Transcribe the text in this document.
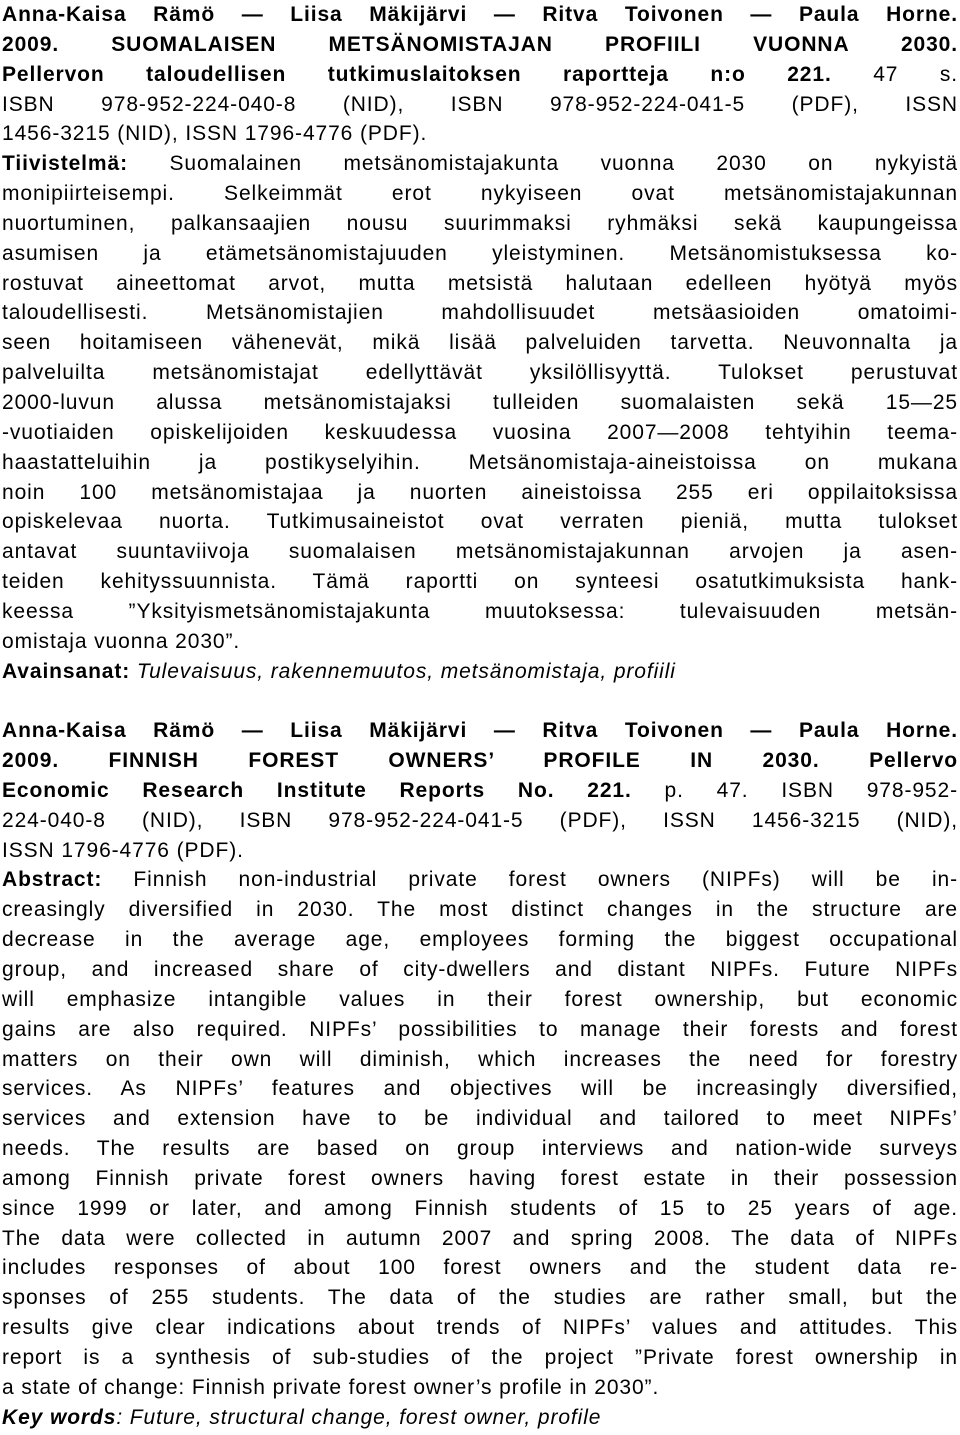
Anna-Kaisa Rämö — Liisa Mäkijärvi — Ritva Toivonen — Paula Horne.
2009. SUOMALAISEN METSÄNOMISTAJAN PROFIILI VUONNA 2030.
Pellervon taloudellisen tutkimuslaitoksen raportteja n:o 221. 47 s.
ISBN 978-952-224-040-8 (NID), ISBN 978-952-224-041-5 (PDF), ISSN
1456-3215 (NID), ISSN 1796-4776 (PDF).
Tiivistelmä: Suomalainen metsänomistajakunta vuonna 2030 on nykyistä
monipiirteisempi. Selkeimmät erot nykyiseen ovat metsänomistajakunnan
nuortuminen, palkansaajien nousu suurimmaksi ryhmäksi sekä kaupungeissa
asumisen ja etämetsänomistajuuden yleistyminen. Metsänomistuksessa ko-
rostuvat aineettomat arvot, mutta metsistä halutaan edelleen hyötyä myös
taloudellisesti. Metsänomistajien mahdollisuudet metsäasioiden omatoimi-
seen hoitamiseen vähenevät, mikä lisää palveluiden tarvetta. Neuvonnalta ja
palveluilta metsänomistajat edellyttävät yksilöllisyyttä. Tulokset perustuvat
2000-luvun alussa metsänomistajaksi tulleiden suomalaisten sekä 15—25
-vuotiaiden opiskelijoiden keskuudessa vuosina 2007—2008 tehtyihin teema-
haastatteluihin ja postikyselyihin. Metsänomistaja-aineistoissa on mukana
noin 100 metsänomistajaa ja nuorten aineistoissa 255 eri oppilaitoksissa
opiskelevaa nuorta. Tutkimusaineistot ovat verraten pieniä, mutta tulokset
antavat suuntaviivoja suomalaisen metsänomistajakunnan arvojen ja asen-
teiden kehityssuunnista. Tämä raportti on synteesi osatutkimuksista hank-
keessa ”Yksityismetsänomistajakunta muutoksessa: tulevaisuuden metsän-
omistaja vuonna 2030”.
Avainsanat: Tulevaisuus, rakennemuutos, metsänomistaja, profiili
Anna-Kaisa Rämö — Liisa Mäkijärvi — Ritva Toivonen — Paula Horne.
2009. FINNISH FOREST OWNERS’ PROFILE IN 2030. Pellervo
Economic Research Institute Reports No. 221. p. 47. ISBN 978-952-
224-040-8 (NID), ISBN 978-952-224-041-5 (PDF), ISSN 1456-3215 (NID),
ISSN 1796-4776 (PDF).
Abstract: Finnish non-industrial private forest owners (NIPFs) will be in-
creasingly diversified in 2030. The most distinct changes in the structure are
decrease in the average age, employees forming the biggest occupational
group, and increased share of city-dwellers and distant NIPFs. Future NIPFs
will emphasize intangible values in their forest ownership, but economic
gains are also required. NIPFs’ possibilities to manage their forests and forest
matters on their own will diminish, which increases the need for forestry
services. As NIPFs’ features and objectives will be increasingly diversified,
services and extension have to be individual and tailored to meet NIPFs’
needs. The results are based on group interviews and nation-wide surveys
among Finnish private forest owners having forest estate in their possession
since 1999 or later, and among Finnish students of 15 to 25 years of age.
The data were collected in autumn 2007 and spring 2008. The data of NIPFs
includes responses of about 100 forest owners and the student data re-
sponses of 255 students. The data of the studies are rather small, but the
results give clear indications about trends of NIPFs’ values and attitudes. This
report is a synthesis of sub-studies of the project ”Private forest ownership in
a state of change: Finnish private forest owner’s profile in 2030”.
Key words: Future, structural change, forest owner, profile
